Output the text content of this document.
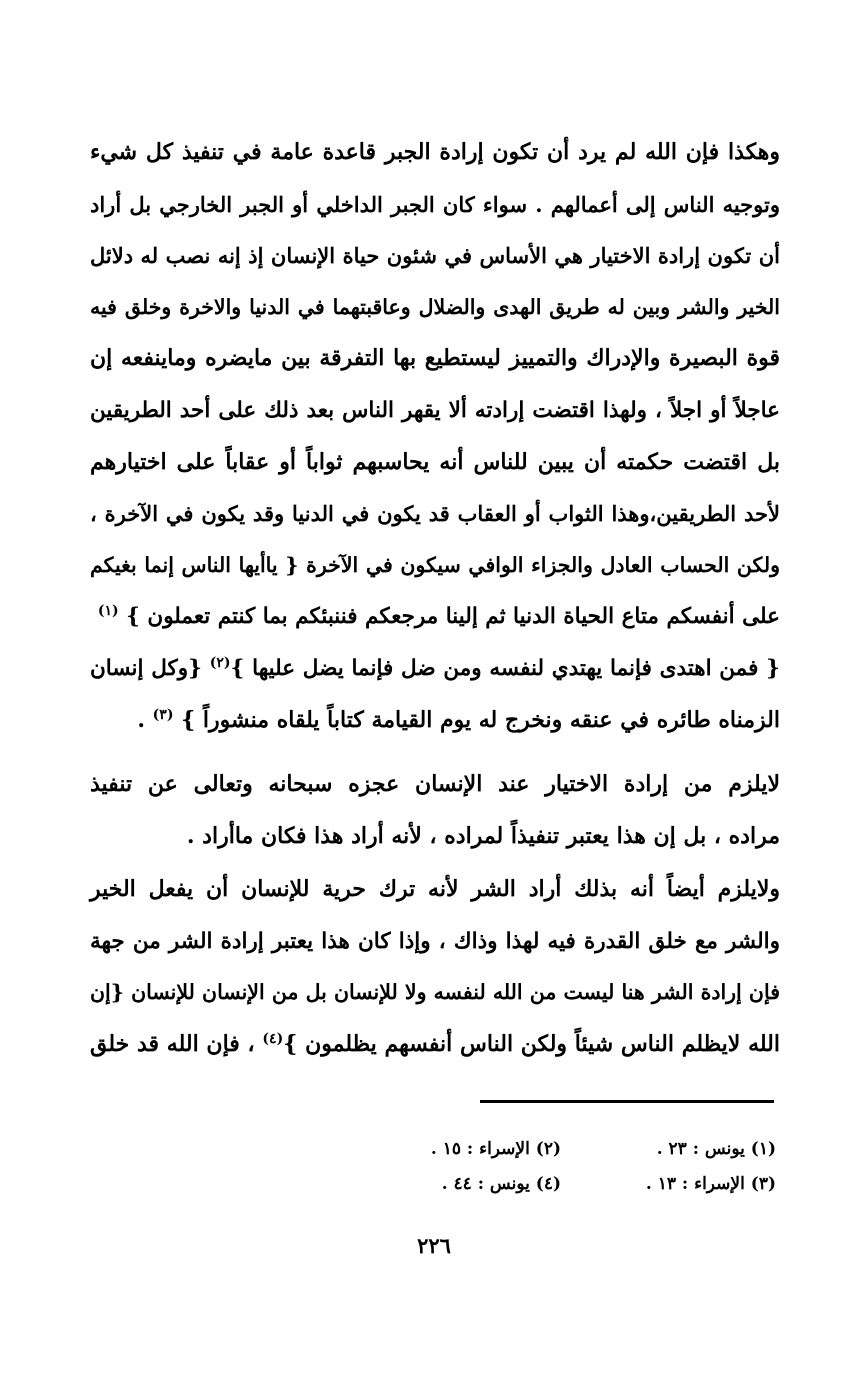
وهكذا فإن الله لم يرد أن تكون إرادة الجبر قاعدة عامة في تنفيذ كل شيء
وتوجيه الناس إلى أعمالهم . سواء كان الجبر الداخلي أو الجبر الخارجي بل أراد
أن تكون إرادة الاختيار هي الأساس في شئون حياة الإنسان إذ إنه نصب له دلائل
الخير والشر وبين له طريق الهدى والضلال وعاقبتهما في الدنيا والاخرة وخلق فيه
قوة البصيرة والإدراك والتمييز ليستطيع بها التفرقة بين مايضره وماينفعه إن
عاجلاً أو اجلاً ، ولهذا اقتضت إرادته ألا يقهر الناس بعد ذلك على أحد الطريقين
بل اقتضت حكمته أن يبين للناس أنه يحاسبهم ثواباً أو عقاباً على اختيارهم
لأحد الطريقين،وهذا الثواب أو العقاب قد يكون في الدنيا وقد يكون في الآخرة ،
ولكن الحساب العادل والجزاء الوافي سيكون في الآخرة { ياأيها الناس إنما بغيكم
على أنفسكم متاع الحياة الدنيا ثم إلينا مرجعكم فننبئكم بما كنتم تعملون } $^{(١)}$
{ فمن اهتدى فإنما يهتدي لنفسه ومن ضل فإنما يضل عليها }$^{(٢)}$ {وكل إنسان
الزمناه طائره في عنقه ونخرج له يوم القيامة كتاباً يلقاه منشوراً } $^{(٣)}$ .
لايلزم من إرادة الاختيار عند الإنسان عجزه سبحانه وتعالى عن تنفيذ
مراده ، بل إن هذا يعتبر تنفيذاً لمراده ، لأنه أراد هذا فكان ماأراد .
ولايلزم أيضاً أنه بذلك أراد الشر لأنه ترك حرية للإنسان أن يفعل الخير
والشر مع خلق القدرة فيه لهذا وذاك ، وإذا كان هذا يعتبر إرادة الشر من جهة
فإن إرادة الشر هنا ليست من الله لنفسه ولا للإنسان بل من الإنسان للإنسان {إن
الله لايظلم الناس شيئاً ولكن الناس أنفسهم يظلمون }$^{(٤)}$ ، فإن الله قد خلق
(١) يونس : ٢٣ .
(٢) الإسراء : ١٥ .
(٣) الإسراء : ١٣ .
(٤) يونس : ٤٤ .
٢٢٦
